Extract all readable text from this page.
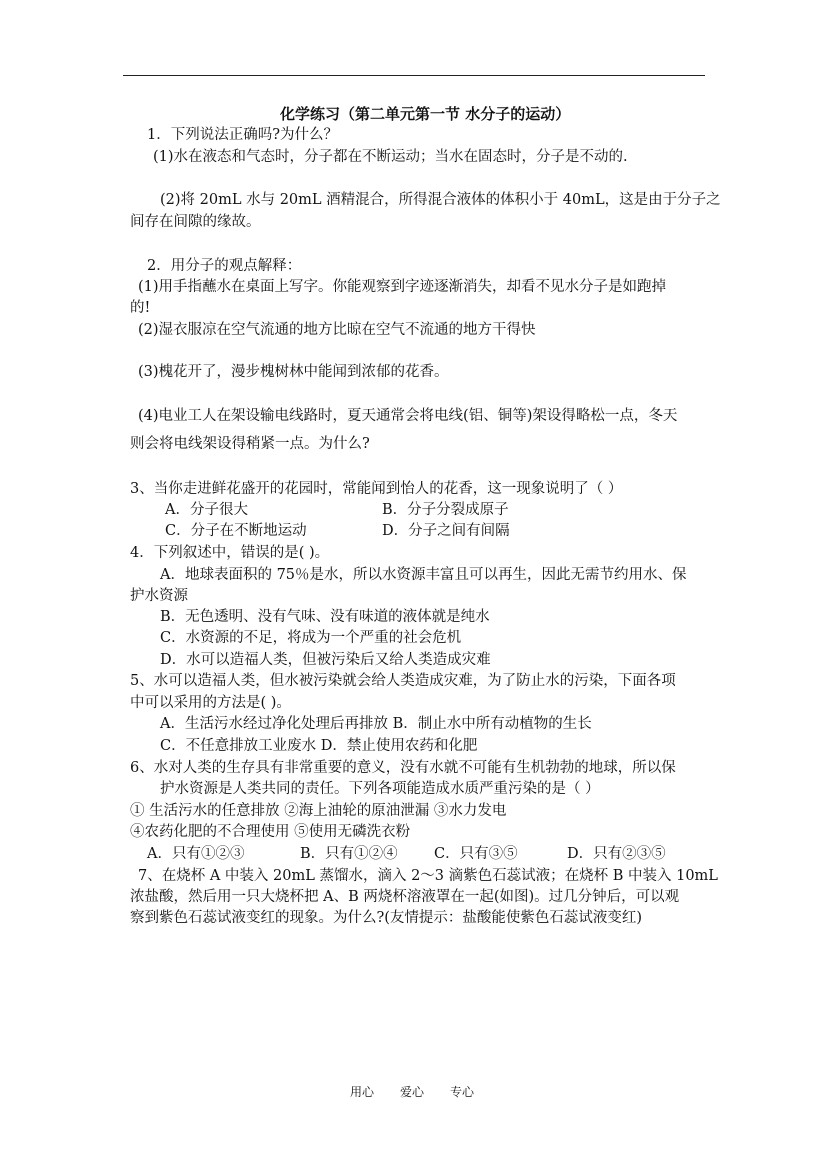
化学练习（第二单元第一节 水分子的运动）
1．下列说法正确吗?为什么？
(1)水在液态和气态时，分子都在不断运动；当水在固态时，分子是不动的.
(2)将 20mL 水与 20mL 酒精混合，所得混合液体的体积小于 40mL，这是由于分子之
间存在间隙的缘故。
2．用分子的观点解释：
(1)用手指蘸水在桌面上写字。你能观察到字迹逐渐消失，却看不见水分子是如跑掉
的!
(2)湿衣服凉在空气流通的地方比晾在空气不流通的地方干得快
(3)槐花开了，漫步槐树林中能闻到浓郁的花香。
(4)电业工人在架设输电线路时，夏天通常会将电线(铝、铜等)架设得略松一点，冬天
则会将电线架设得稍紧一点。为什么?
3、当你走进鲜花盛开的花园时，常能闻到怡人的花香，这一现象说明了（ ）
A．分子很大	B．分子分裂成原子
C．分子在不断地运动	D．分子之间有间隔
4．下列叙述中，错误的是( )。
A．地球表面积的 75％是水，所以水资源丰富且可以再生，因此无需节约用水、保
护水资源
B．无色透明、没有气味、没有味道的液体就是纯水
C．水资源的不足，将成为一个严重的社会危机
D．水可以造福人类，但被污染后又给人类造成灾难
5、水可以造福人类，但水被污染就会给人类造成灾难，为了防止水的污染，下面各项
中可以采用的方法是( )。
A．生活污水经过净化处理后再排放 B．制止水中所有动植物的生长
C．不任意排放工业废水 D．禁止使用农药和化肥
6、水对人类的生存具有非常重要的意义，没有水就不可能有生机勃勃的地球，所以保
护水资源是人类共同的责任。下列各项能造成水质严重污染的是（ ）
① 生活污水的任意排放 ②海上油轮的原油泄漏 ③水力发电
④农药化肥的不合理使用 ⑤使用无磷洗衣粉
A．只有①②③	B．只有①②④	C．只有③⑤	D．只有②③⑤
7、在烧杯 A 中装入 20mL 蒸馏水，滴入 2～3 滴紫色石蕊试液；在烧杯 B 中装入 10mL
浓盐酸，然后用一只大烧杯把 A、B 两烧杯溶液罩在一起(如图)。过几分钟后，可以观
察到紫色石蕊试液变红的现象。为什么?(友情提示：盐酸能使紫色石蕊试液变红)
用心 爱心 专心
